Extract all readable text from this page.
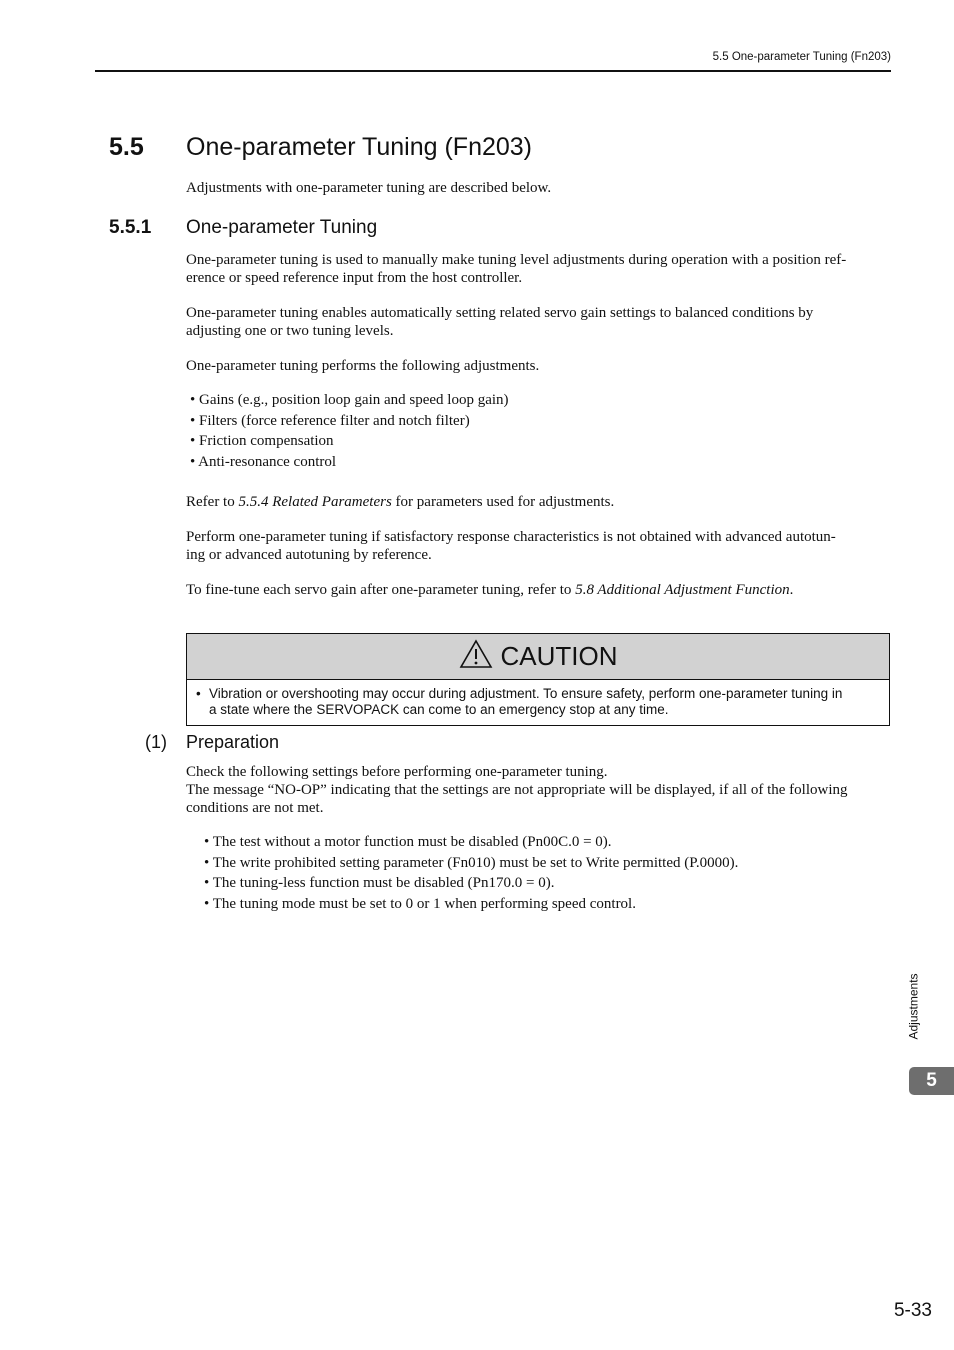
5.5 One-parameter Tuning (Fn203)
5.5 One-parameter Tuning (Fn203)
Adjustments with one-parameter tuning are described below.
5.5.1 One-parameter Tuning
One-parameter tuning is used to manually make tuning level adjustments during operation with a position ref-
erence or speed reference input from the host controller.
One-parameter tuning enables automatically setting related servo gain settings to balanced conditions by
adjusting one or two tuning levels.
One-parameter tuning performs the following adjustments.
• Gains (e.g., position loop gain and speed loop gain)
• Filters (force reference filter and notch filter)
• Friction compensation
• Anti-resonance control
Refer to 5.5.4 Related Parameters for parameters used for adjustments.
Perform one-parameter tuning if satisfactory response characteristics is not obtained with advanced autotun-
ing or advanced autotuning by reference.
To fine-tune each servo gain after one-parameter tuning, refer to 5.8 Additional Adjustment Function.
CAUTION
• Vibration or overshooting may occur during adjustment. To ensure safety, perform one-parameter tuning in
a state where the SERVOPACK can come to an emergency stop at any time.
(1) Preparation
Check the following settings before performing one-parameter tuning.
The message “NO-OP” indicating that the settings are not appropriate will be displayed, if all of the following
conditions are not met.
• The test without a motor function must be disabled (Pn00C.0 = 0).
• The write prohibited setting parameter (Fn010) must be set to Write permitted (P.0000).
• The tuning-less function must be disabled (Pn170.0 = 0).
• The tuning mode must be set to 0 or 1 when performing speed control.
Adjustments
5
5-33
